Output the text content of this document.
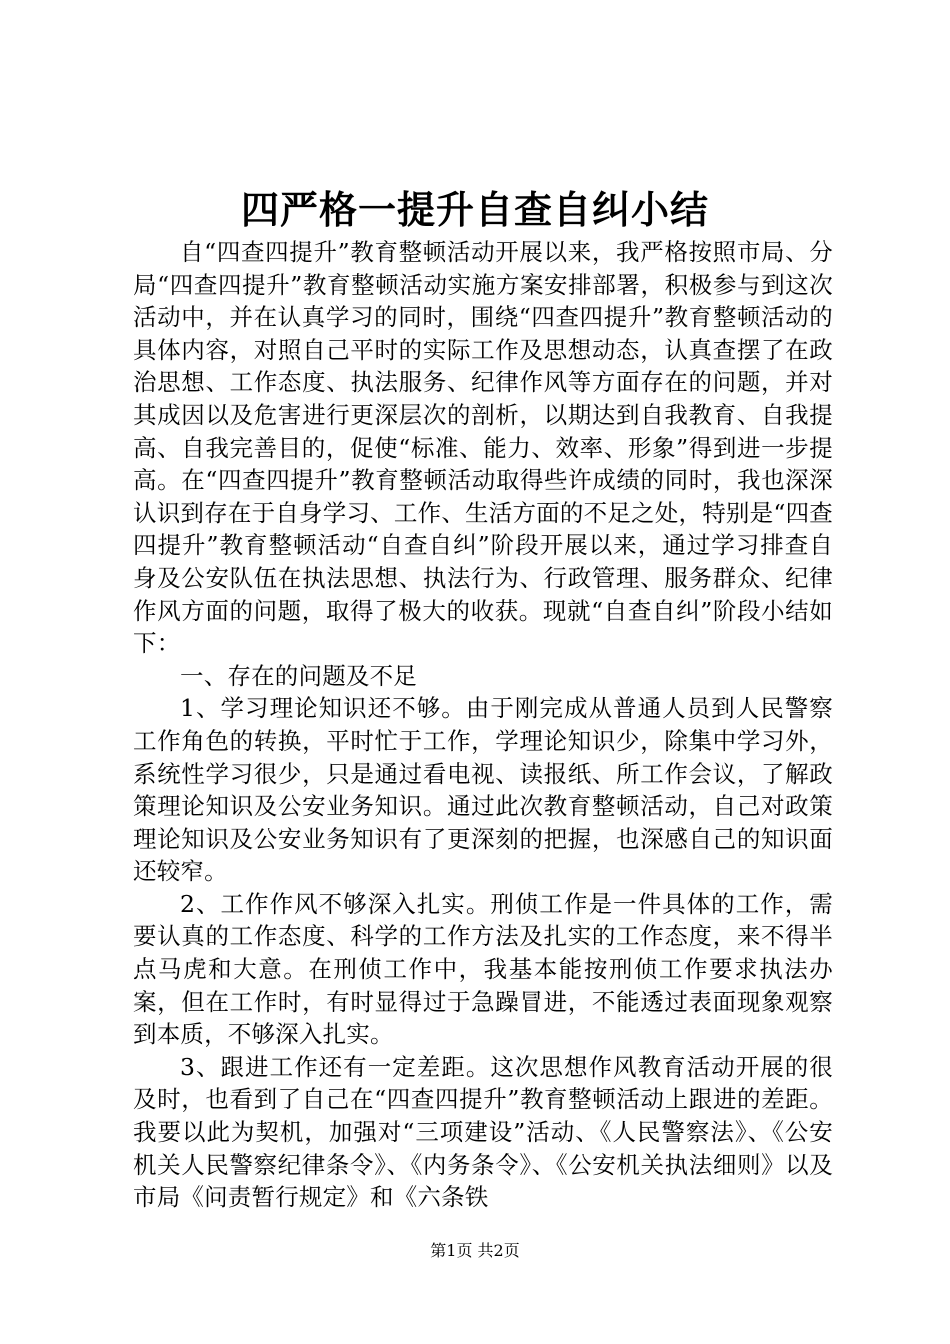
四严格一提升自查自纠小结

自“四查四提升”教育整顿活动开展以来，我严格按照市局、分局“四查四提升”教育整顿活动实施方案安排部署，积极参与到这次活动中，并在认真学习的同时，围绕“四查四提升”教育整顿活动的具体内容，对照自己平时的实际工作及思想动态，认真查摆了在政治思想、工作态度、执法服务、纪律作风等方面存在的问题，并对其成因以及危害进行更深层次的剖析，以期达到自我教育、自我提高、自我完善目的，促使“标准、能力、效率、形象”得到进一步提高。在“四查四提升”教育整顿活动取得些许成绩的同时，我也深深认识到存在于自身学习、工作、生活方面的不足之处，特别是“四查四提升”教育整顿活动“自查自纠”阶段开展以来，通过学习排查自身及公安队伍在执法思想、执法行为、行政管理、服务群众、纪律作风方面的问题，取得了极大的收获。现就“自查自纠”阶段小结如下：

一、存在的问题及不足

1、学习理论知识还不够。由于刚完成从普通人员到人民警察工作角色的转换，平时忙于工作，学理论知识少，除集中学习外，系统性学习很少，只是通过看电视、读报纸、所工作会议，了解政策理论知识及公安业务知识。通过此次教育整顿活动，自己对政策理论知识及公安业务知识有了更深刻的把握，也深感自己的知识面还较窄。

2、工作作风不够深入扎实。刑侦工作是一件具体的工作，需要认真的工作态度、科学的工作方法及扎实的工作态度，来不得半点马虎和大意。在刑侦工作中，我基本能按刑侦工作要求执法办案，但在工作时，有时显得过于急躁冒进，不能透过表面现象观察到本质，不够深入扎实。

3、跟进工作还有一定差距。这次思想作风教育活动开展的很及时，也看到了自己在“四查四提升”教育整顿活动上跟进的差距。我要以此为契机，加强对“三项建设”活动、《人民警察法》、《公安机关人民警察纪律条令》、《内务条令》、《公安机关执法细则》以及市局《问责暂行规定》和《六条铁

第1页 共2页
